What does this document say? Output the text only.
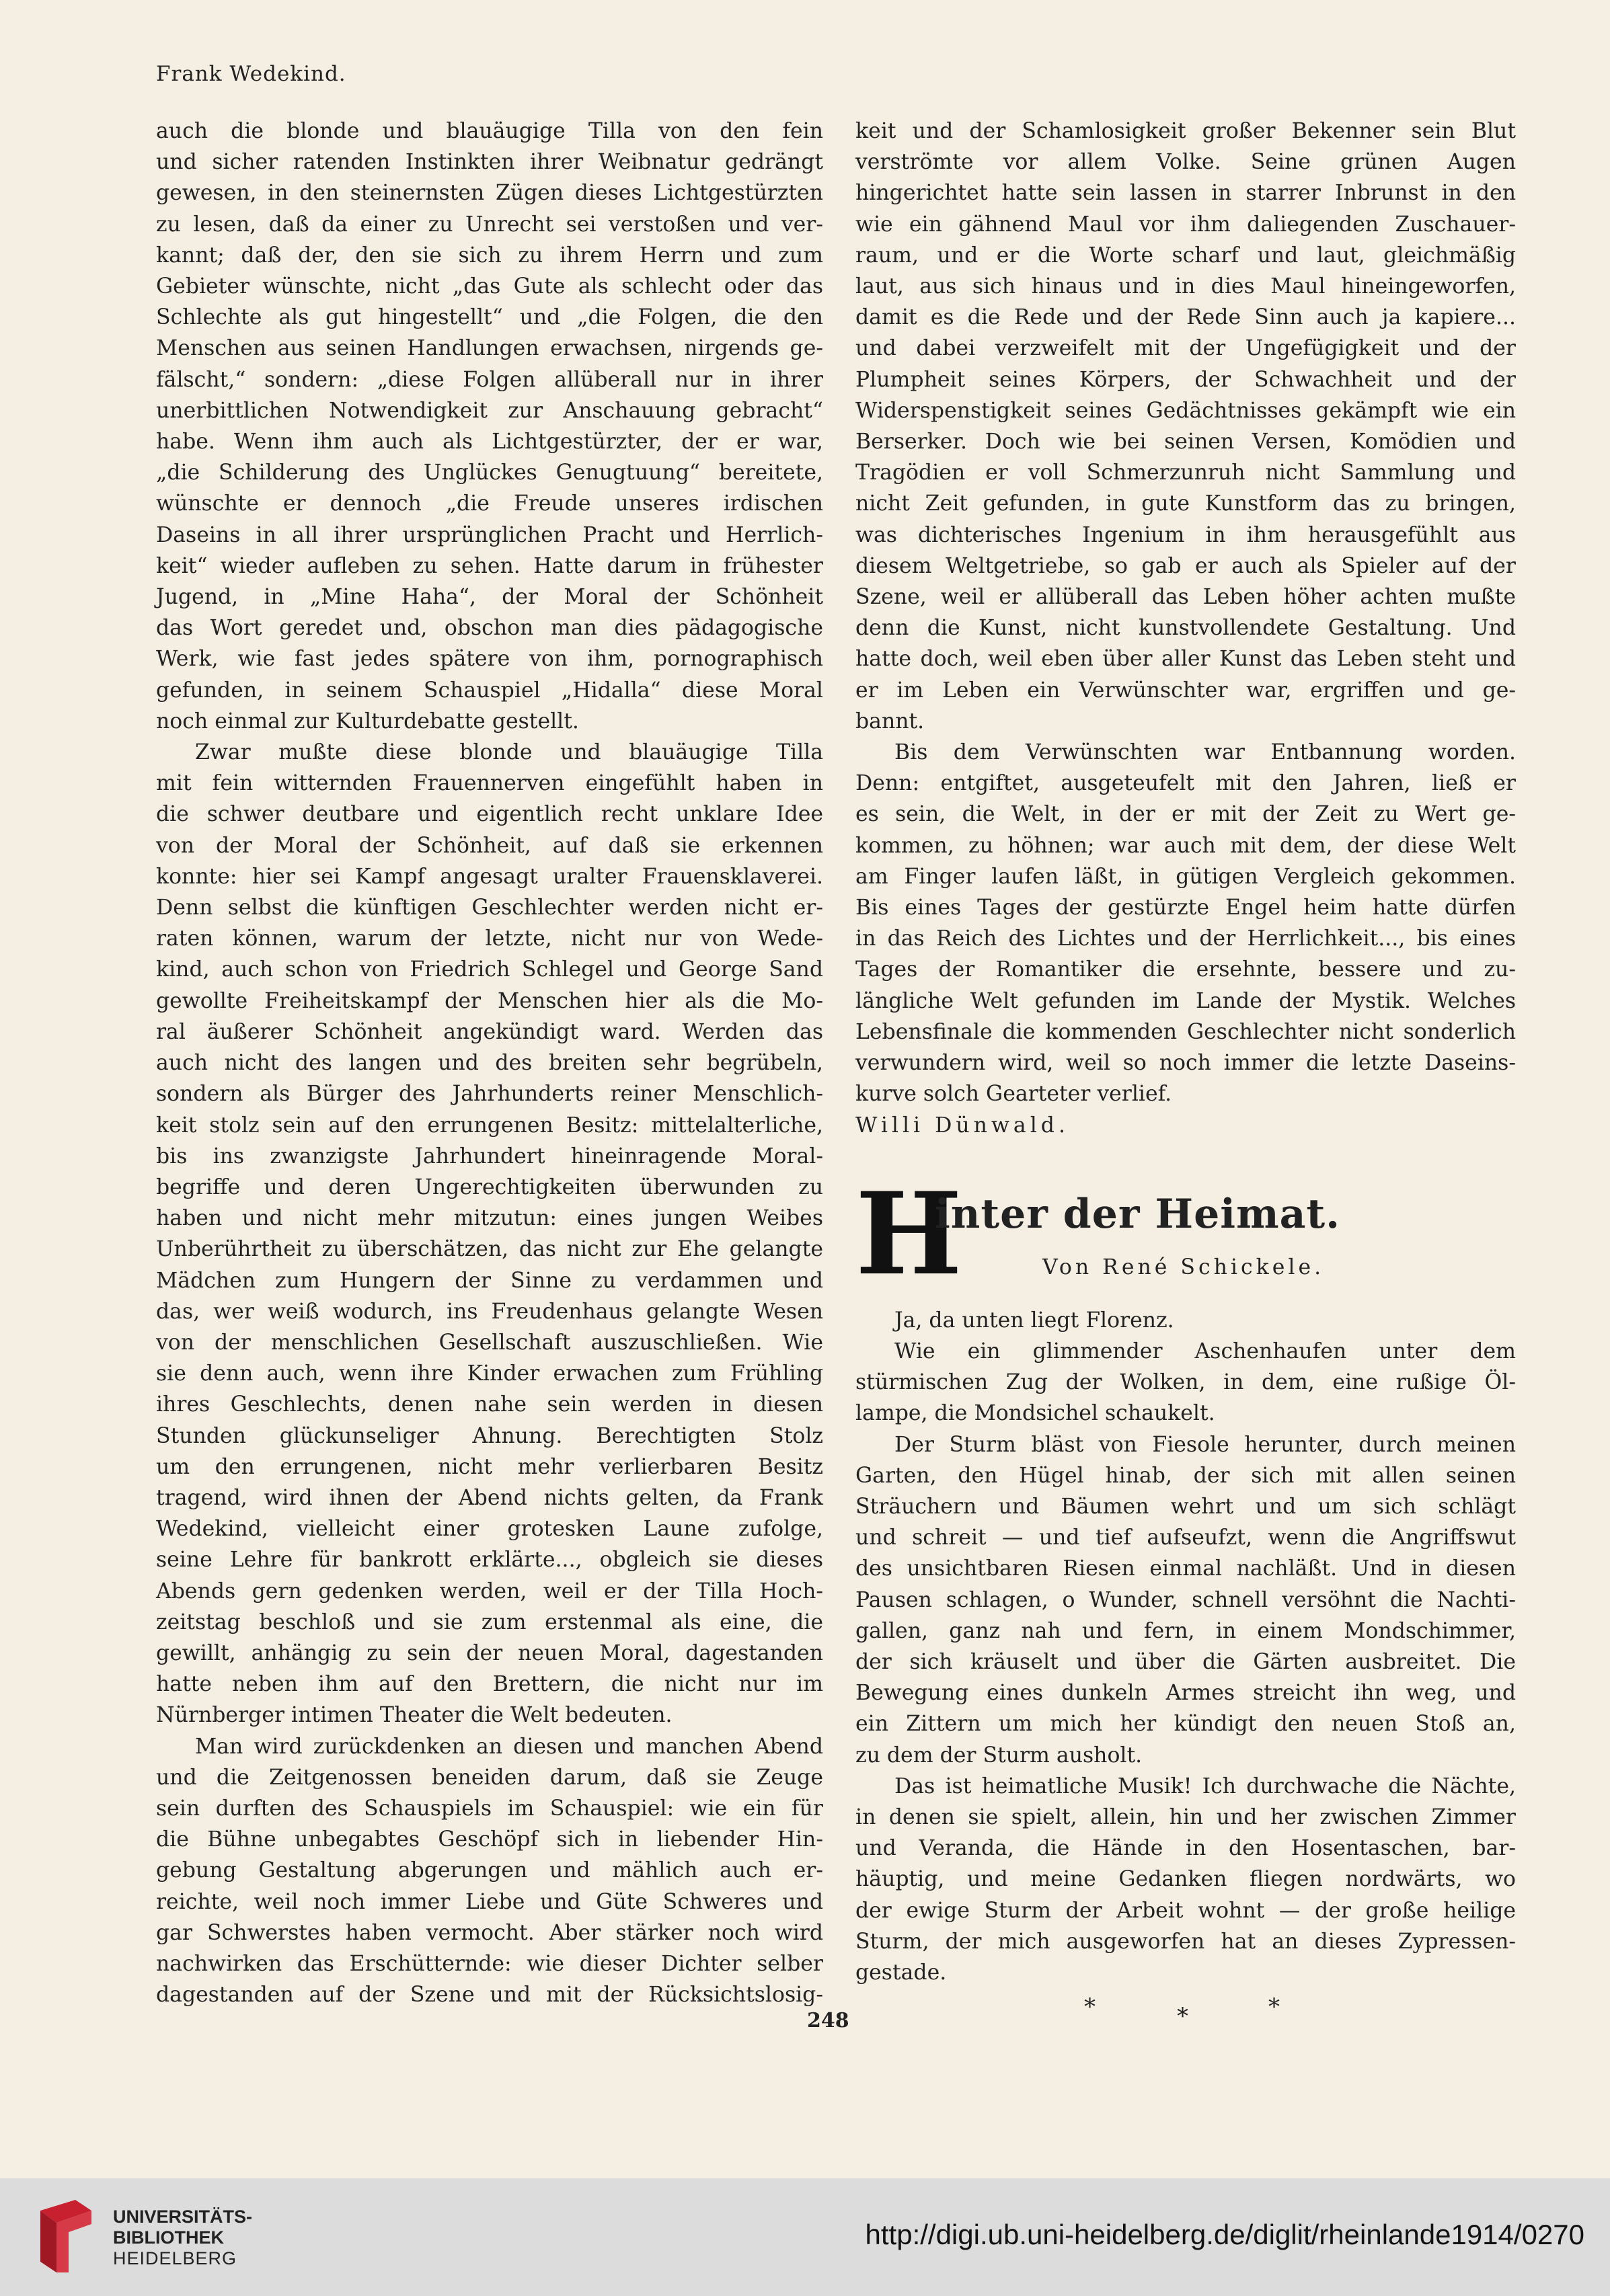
Frank Wedekind.

auch die blonde und blauäugige Tilla von den fein

und sicher ratenden Instinkten ihrer Weibnatur gedrängt

gewesen, in den steinernsten Zügen dieses Lichtgestürzten

zu lesen, daß da einer zu Unrecht sei verstoßen und ver-

kannt; daß der, den sie sich zu ihrem Herrn und zum

Gebieter wünschte, nicht „das Gute als schlecht oder das

Schlechte als gut hingestellt“ und „die Folgen, die den

Menschen aus seinen Handlungen erwachsen, nirgends ge-

fälscht,“ sondern: „diese Folgen allüberall nur in ihrer

unerbittlichen Notwendigkeit zur Anschauung gebracht“

habe. Wenn ihm auch als Lichtgestürzter, der er war,

„die Schilderung des Unglückes Genugtuung“ bereitete,

wünschte er dennoch „die Freude unseres irdischen

Daseins in all ihrer ursprünglichen Pracht und Herrlich-

keit“ wieder aufleben zu sehen. Hatte darum in frühester

Jugend, in „Mine Haha“, der Moral der Schönheit

das Wort geredet und, obschon man dies pädagogische

Werk, wie fast jedes spätere von ihm, pornographisch

gefunden, in seinem Schauspiel „Hidalla“ diese Moral

noch einmal zur Kulturdebatte gestellt.

Zwar mußte diese blonde und blauäugige Tilla

mit fein witternden Frauennerven eingefühlt haben in

die schwer deutbare und eigentlich recht unklare Idee

von der Moral der Schönheit, auf daß sie erkennen

konnte: hier sei Kampf angesagt uralter Frauensklaverei.

Denn selbst die künftigen Geschlechter werden nicht er-

raten können, warum der letzte, nicht nur von Wede-

kind, auch schon von Friedrich Schlegel und George Sand

gewollte Freiheitskampf der Menschen hier als die Mo-

ral äußerer Schönheit angekündigt ward. Werden das

auch nicht des langen und des breiten sehr begrübeln,

sondern als Bürger des Jahrhunderts reiner Menschlich-

keit stolz sein auf den errungenen Besitz: mittelalterliche,

bis ins zwanzigste Jahrhundert hineinragende Moral-

begriffe und deren Ungerechtigkeiten überwunden zu

haben und nicht mehr mitzutun: eines jungen Weibes

Unberührtheit zu überschätzen, das nicht zur Ehe gelangte

Mädchen zum Hungern der Sinne zu verdammen und

das, wer weiß wodurch, ins Freudenhaus gelangte Wesen

von der menschlichen Gesellschaft auszuschließen. Wie

sie denn auch, wenn ihre Kinder erwachen zum Frühling

ihres Geschlechts, denen nahe sein werden in diesen

Stunden glückunseliger Ahnung. Berechtigten Stolz

um den errungenen, nicht mehr verlierbaren Besitz

tragend, wird ihnen der Abend nichts gelten, da Frank

Wedekind, vielleicht einer grotesken Laune zufolge,

seine Lehre für bankrott erklärte..., obgleich sie dieses

Abends gern gedenken werden, weil er der Tilla Hoch-

zeitstag beschloß und sie zum erstenmal als eine, die

gewillt, anhängig zu sein der neuen Moral, dagestanden

hatte neben ihm auf den Brettern, die nicht nur im

Nürnberger intimen Theater die Welt bedeuten.

Man wird zurückdenken an diesen und manchen Abend

und die Zeitgenossen beneiden darum, daß sie Zeuge

sein durften des Schauspiels im Schauspiel: wie ein für

die Bühne unbegabtes Geschöpf sich in liebender Hin-

gebung Gestaltung abgerungen und mählich auch er-

reichte, weil noch immer Liebe und Güte Schweres und

gar Schwerstes haben vermocht. Aber stärker noch wird

nachwirken das Erschütternde: wie dieser Dichter selber

dagestanden auf der Szene und mit der Rücksichtslosig-

keit und der Schamlosigkeit großer Bekenner sein Blut

verströmte vor allem Volke. Seine grünen Augen

hingerichtet hatte sein lassen in starrer Inbrunst in den

wie ein gähnend Maul vor ihm daliegenden Zuschauer-

raum, und er die Worte scharf und laut, gleichmäßig

laut, aus sich hinaus und in dies Maul hineingeworfen,

damit es die Rede und der Rede Sinn auch ja kapiere...

und dabei verzweifelt mit der Ungefügigkeit und der

Plumpheit seines Körpers, der Schwachheit und der

Widerspenstigkeit seines Gedächtnisses gekämpft wie ein

Berserker. Doch wie bei seinen Versen, Komödien und

Tragödien er voll Schmerzunruh nicht Sammlung und

nicht Zeit gefunden, in gute Kunstform das zu bringen,

was dichterisches Ingenium in ihm herausgefühlt aus

diesem Weltgetriebe, so gab er auch als Spieler auf der

Szene, weil er allüberall das Leben höher achten mußte

denn die Kunst, nicht kunstvollendete Gestaltung. Und

hatte doch, weil eben über aller Kunst das Leben steht und

er im Leben ein Verwünschter war, ergriffen und ge-

bannt.

Bis dem Verwünschten war Entbannung worden.

Denn: entgiftet, ausgeteufelt mit den Jahren, ließ er

es sein, die Welt, in der er mit der Zeit zu Wert ge-

kommen, zu höhnen; war auch mit dem, der diese Welt

am Finger laufen läßt, in gütigen Vergleich gekommen.

Bis eines Tages der gestürzte Engel heim hatte dürfen

in das Reich des Lichtes und der Herrlichkeit..., bis eines

Tages der Romantiker die ersehnte, bessere und zu-

längliche Welt gefunden im Lande der Mystik. Welches

Lebensfinale die kommenden Geschlechter nicht sonderlich

verwundern wird, weil so noch immer die letzte Daseins-

kurve solch Gearteter verlief.

Willi Dünwald.

H
inter der Heimat.
Von René Schickele.

Ja, da unten liegt Florenz.

Wie ein glimmender Aschenhaufen unter dem

stürmischen Zug der Wolken, in dem, eine rußige Öl-

lampe, die Mondsichel schaukelt.

Der Sturm bläst von Fiesole herunter, durch meinen

Garten, den Hügel hinab, der sich mit allen seinen

Sträuchern und Bäumen wehrt und um sich schlägt

und schreit — und tief aufseufzt, wenn die Angriffswut

des unsichtbaren Riesen einmal nachläßt. Und in diesen

Pausen schlagen, o Wunder, schnell versöhnt die Nachti-

gallen, ganz nah und fern, in einem Mondschimmer,

der sich kräuselt und über die Gärten ausbreitet. Die

Bewegung eines dunkeln Armes streicht ihn weg, und

ein Zittern um mich her kündigt den neuen Stoß an,

zu dem der Sturm ausholt.

Das ist heimatliche Musik! Ich durchwache die Nächte,

in denen sie spielt, allein, hin und her zwischen Zimmer

und Veranda, die Hände in den Hosentaschen, bar-

häuptig, und meine Gedanken fliegen nordwärts, wo

der ewige Sturm der Arbeit wohnt — der große heilige

Sturm, der mich ausgeworfen hat an dieses Zypressen-

gestade.

*	*	*
248
UNIVERSITÄTS-
BIBLIOTHEK
HEIDELBERG
http://digi.ub.uni-heidelberg.de/diglit/rheinlande1914/0270
